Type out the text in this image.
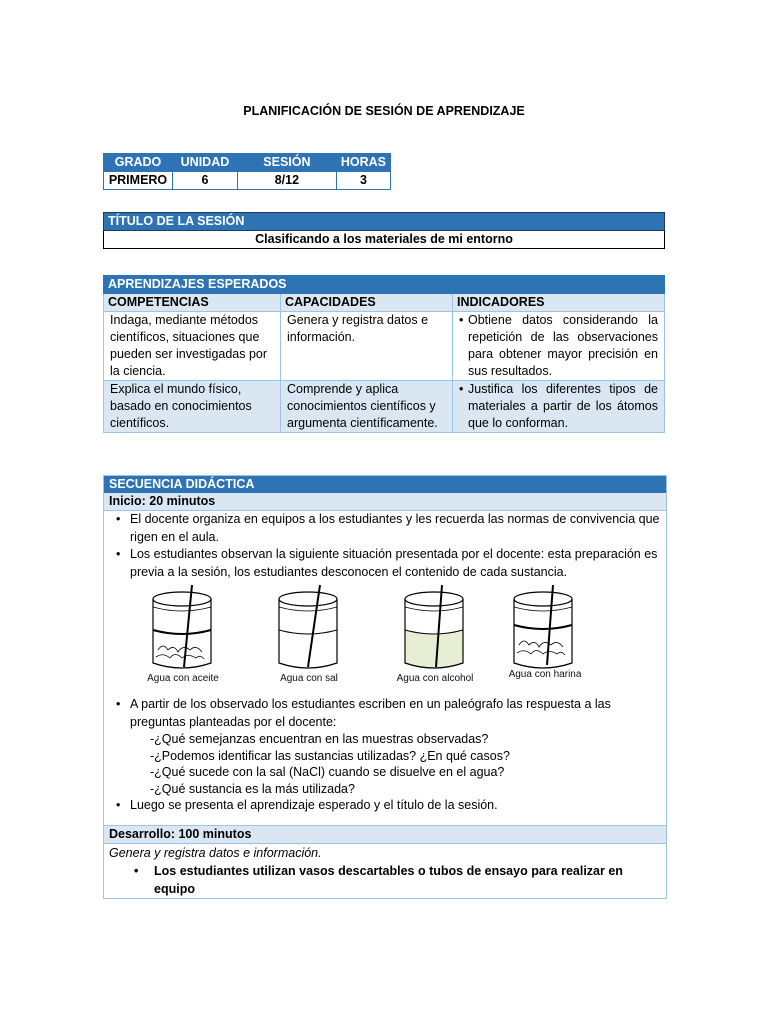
PLANIFICACIÓN DE SESIÓN DE APRENDIZAJE
GRADO	UNIDAD	SESIÓN	HORAS
PRIMERO	6	8/12	3
TÍTULO DE LA SESIÓN
Clasificando a los materiales de mi entorno
APRENDIZAJES ESPERADOS		
COMPETENCIAS	CAPACIDADES	INDICADORES
Indaga, mediante métodos científicos, situaciones que pueden ser investigadas por la ciencia.	Genera y registra datos e información.	• Obtiene datos considerando la repetición de las observaciones para obtener mayor precisión en sus resultados.

Explica el mundo físico, basado en conocimientos científicos.	Comprende y aplica conocimientos científicos y argumenta científicamente.	• Justifica los diferentes tipos de materiales a partir de los átomos que lo conforman.
SECUENCIA DIDÁCTICA
Inicio: 20 minutos
• El docente organiza en equipos a los estudiantes y les recuerda las normas de convivencia que rigen en el aula.
• Los estudiantes observan la siguiente situación presentada por el docente: esta preparación es previa a la sesión, los estudiantes desconocen el contenido de cada sustancia.
Agua con aceite	Agua con sal	Agua con alcohol	Agua con harina
• A partir de los observado los estudiantes escriben en un paleógrafo las respuesta a las preguntas planteadas por el docente:
-¿Qué semejanzas encuentran en las muestras observadas?
-¿Podemos identificar las sustancias utilizadas? ¿En qué casos?
-¿Qué sucede con la sal (NaCl) cuando se disuelve en el agua?
-¿Qué sustancia es la más utilizada?
• Luego se presenta el aprendizaje esperado y el título de la sesión.
Desarrollo: 100 minutos
Genera y registra datos e información.
• Los estudiantes utilizan vasos descartables o tubos de ensayo para realizar en equipo
